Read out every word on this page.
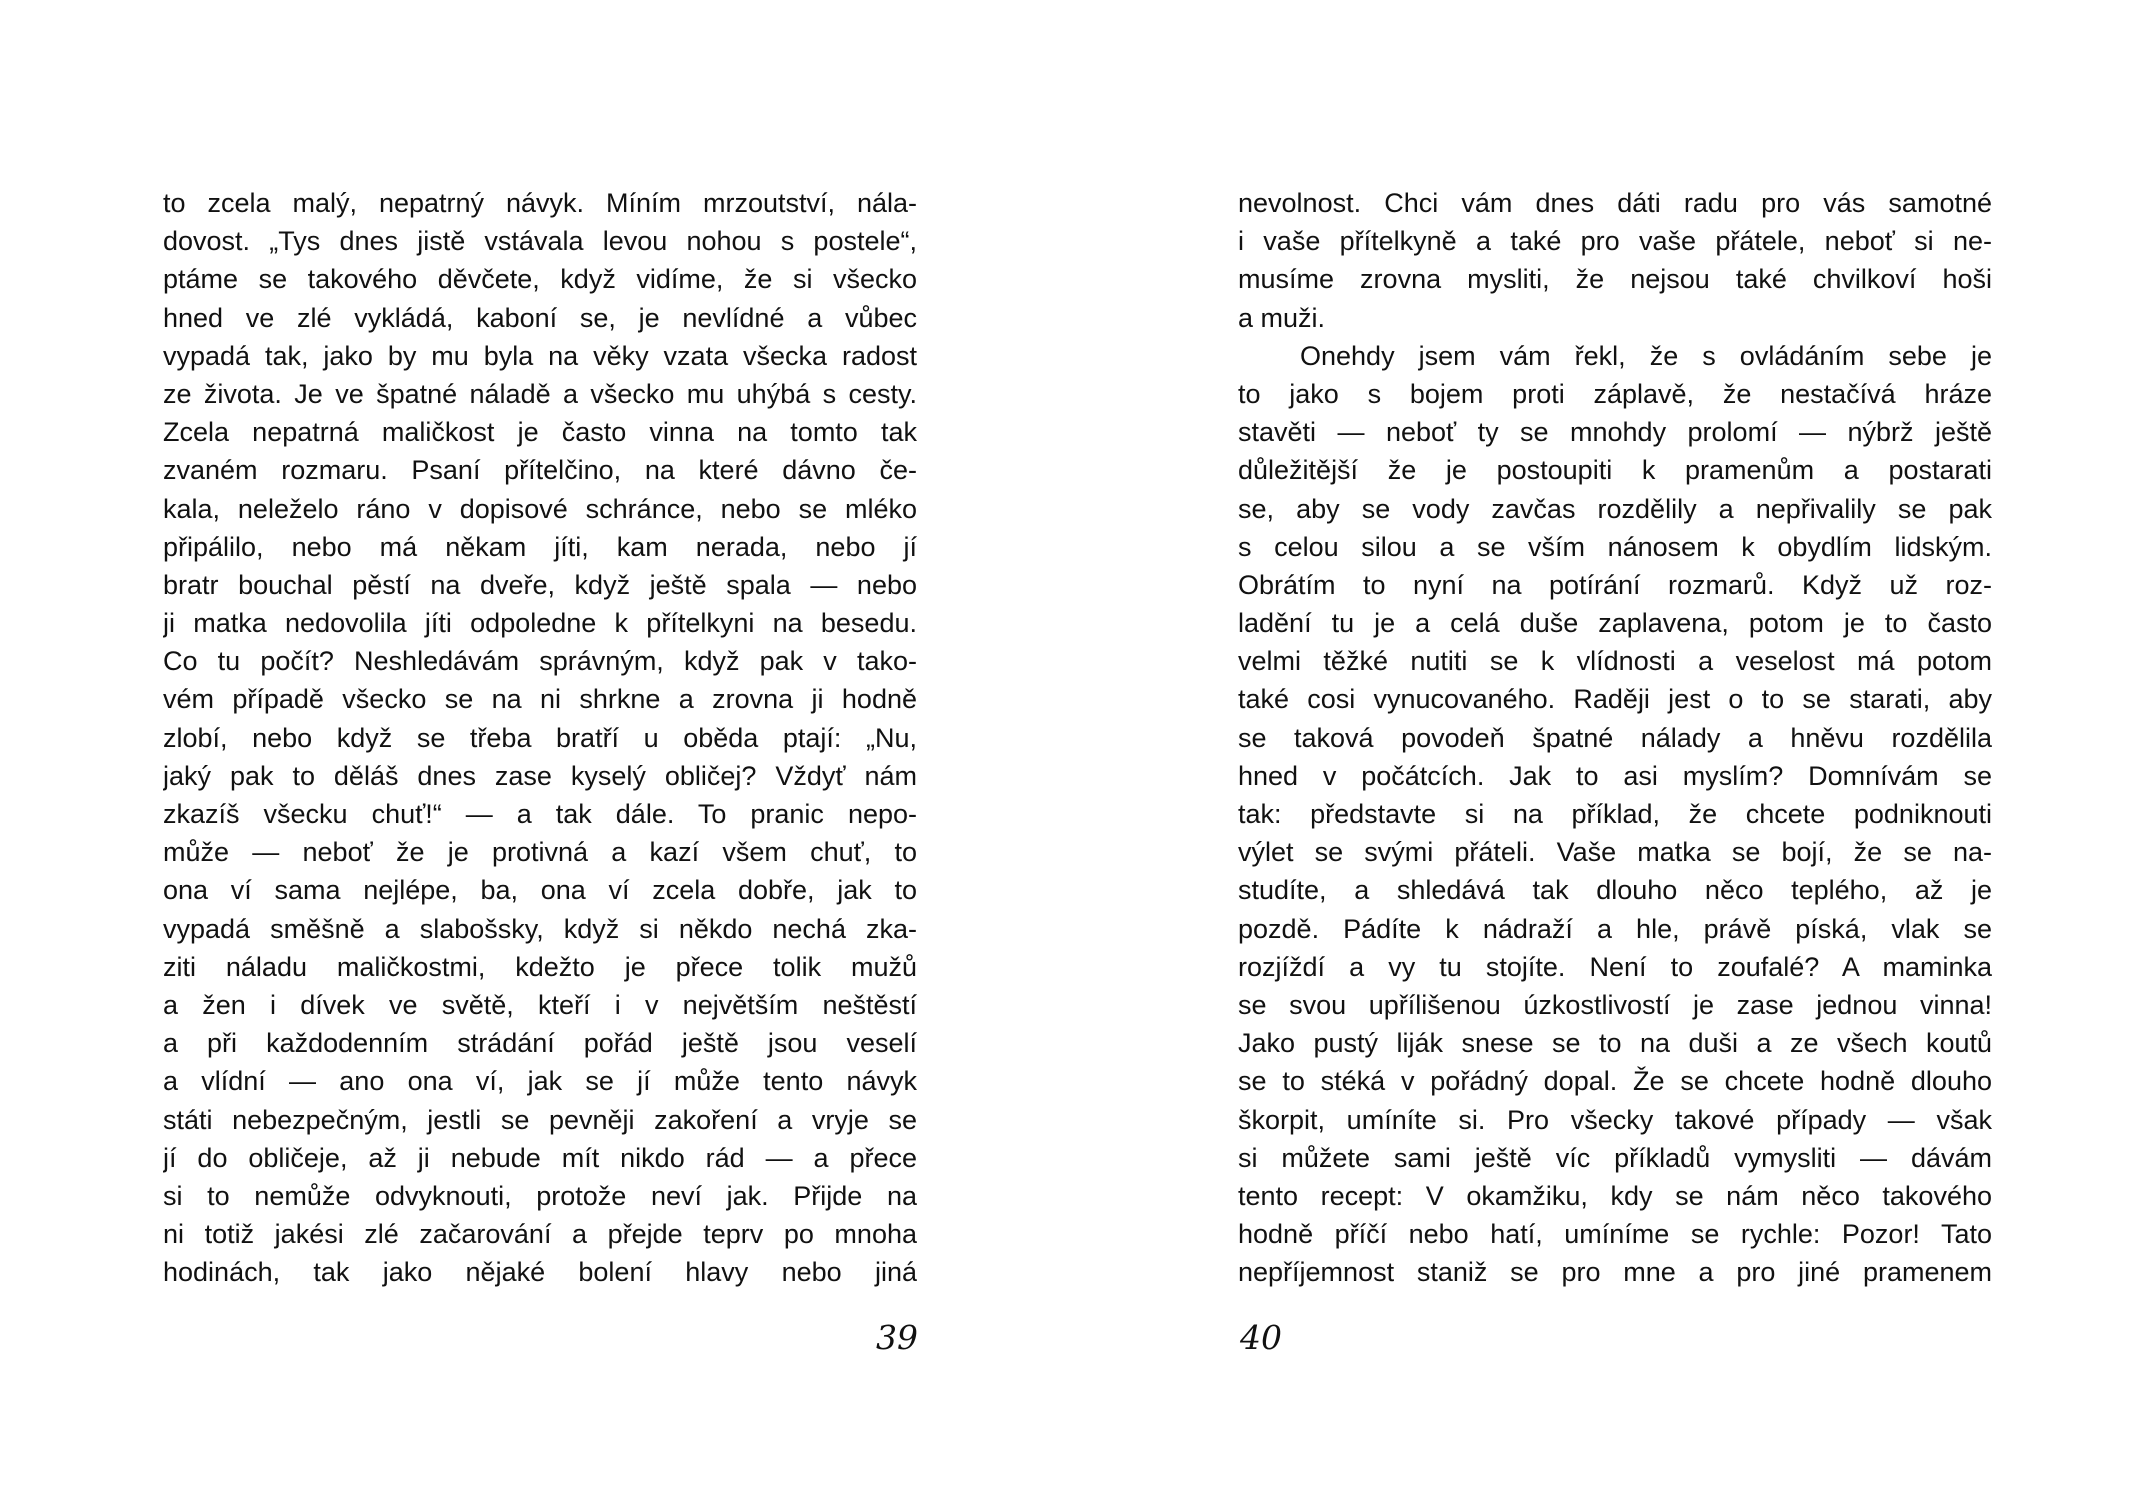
to zcela malý, nepatrný návyk. Míním mrzoutství, nála-
dovost. „Tys dnes jistě vstávala levou nohou s postele“,
ptáme se takového děvčete, když vidíme, že si všecko
hned ve zlé vykládá, kaboní se, je nevlídné a vůbec
vypadá tak, jako by mu byla na věky vzata všecka radost
ze života. Je ve špatné náladě a všecko mu uhýbá s cesty.
Zcela nepatrná maličkost je často vinna na tomto tak
zvaném rozmaru. Psaní přítelčino, na které dávno če-
kala, neleželo ráno v dopisové schránce, nebo se mléko
připálilo, nebo má někam jíti, kam nerada, nebo jí
bratr bouchal pěstí na dveře, když ještě spala — nebo
ji matka nedovolila jíti odpoledne k přítelkyni na besedu.
Co tu počít? Neshledávám správným, když pak v tako-
vém případě všecko se na ni shrkne a zrovna ji hodně
zlobí, nebo když se třeba bratří u oběda ptají: „Nu,
jaký pak to děláš dnes zase kyselý obličej? Vždyť nám
zkazíš všecku chuť!“ — a tak dále. To pranic nepo-
může — neboť že je protivná a kazí všem chuť, to
ona ví sama nejlépe, ba, ona ví zcela dobře, jak to
vypadá směšně a slabošsky, když si někdo nechá zka-
ziti náladu maličkostmi, kdežto je přece tolik mužů
a žen i dívek ve světě, kteří i v největším neštěstí
a při každodenním strádání pořád ještě jsou veselí
a vlídní — ano ona ví, jak se jí může tento návyk
státi nebezpečným, jestli se pevněji zakoření a vryje se
jí do obličeje, až ji nebude mít nikdo rád — a přece
si to nemůže odvyknouti, protože neví jak. Přijde na
ni totiž jakési zlé začarování a přejde teprv po mnoha
hodinách, tak jako nějaké bolení hlavy nebo jiná
nevolnost. Chci vám dnes dáti radu pro vás samotné
i vaše přítelkyně a také pro vaše přátele, neboť si ne-
musíme zrovna mysliti, že nejsou také chvilkoví hoši
a muži.
Onehdy jsem vám řekl, že s ovládáním sebe je
to jako s bojem proti záplavě, že nestačívá hráze
stavěti — neboť ty se mnohdy prolomí — nýbrž ještě
důležitější že je postoupiti k pramenům a postarati
se, aby se vody zavčas rozdělily a nepřivalily se pak
s celou silou a se vším nánosem k obydlím lidským.
Obrátím to nyní na potírání rozmarů. Když už roz-
ladění tu je a celá duše zaplavena, potom je to často
velmi těžké nutiti se k vlídnosti a veselost má potom
také cosi vynucovaného. Raději jest o to se starati, aby
se taková povodeň špatné nálady a hněvu rozdělila
hned v počátcích. Jak to asi myslím? Domnívám se
tak: představte si na příklad, že chcete podniknouti
výlet se svými přáteli. Vaše matka se bojí, že se na-
studíte, a shledává tak dlouho něco teplého, až je
pozdě. Pádíte k nádraží a hle, právě píská, vlak se
rozjíždí a vy tu stojíte. Není to zoufalé? A maminka
se svou upřílišenou úzkostlivostí je zase jednou vinna!
Jako pustý liják snese se to na duši a ze všech koutů
se to stéká v pořádný dopal. Že se chcete hodně dlouho
škorpit, umíníte si. Pro všecky takové případy — však
si můžete sami ještě víc příkladů vymysliti — dávám
tento recept: V okamžiku, kdy se nám něco takového
hodně příčí nebo hatí, umíníme se rychle: Pozor! Tato
nepříjemnost staniž se pro mne a pro jiné pramenem
39	40
